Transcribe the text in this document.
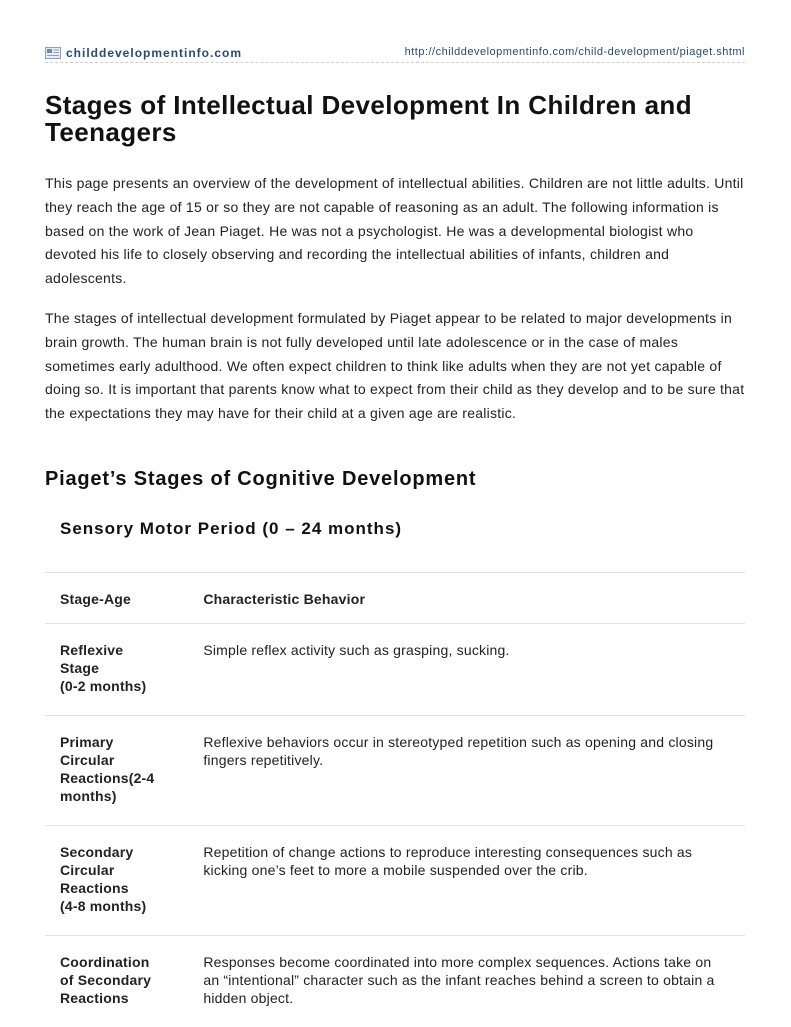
childdevelopmentinfo.com	http://childdevelopmentinfo.com/child-development/piaget.shtml
Stages of Intellectual Development In Children and Teenagers

This page presents an overview of the development of intellectual abilities. Children are not little adults. Until they reach the age of 15 or so they are not capable of reasoning as an adult. The following information is based on the work of Jean Piaget. He was not a psychologist. He was a developmental biologist who devoted his life to closely observing and recording the intellectual abilities of infants, children and adolescents.

The stages of intellectual development formulated by Piaget appear to be related to major developments in brain growth. The human brain is not fully developed until late adolescence or in the case of males sometimes early adulthood. We often expect children to think like adults when they are not yet capable of doing so. It is important that parents know what to expect from their child as they develop and to be sure that the expectations they may have for their child at a given age are realistic.

Piaget’s Stages of Cognitive Development
Sensory Motor Period (0 – 24 months)
Stage-Age	Characteristic Behavior

Reflexive
Stage
(0-2 months)	Simple reflex activity such as grasping, sucking.

Primary
Circular
Reactions(2-4
months)	Reflexive behaviors occur in stereotyped repetition such as opening and closing fingers repetitively.

Secondary
Circular
Reactions
(4-8 months)	Repetition of change actions to reproduce interesting consequences such as kicking one’s feet to more a mobile suspended over the crib.

Coordination
of Secondary
Reactions	Responses become coordinated into more complex sequences. Actions take on an “intentional” character such as the infant reaches behind a screen to obtain a hidden object.
